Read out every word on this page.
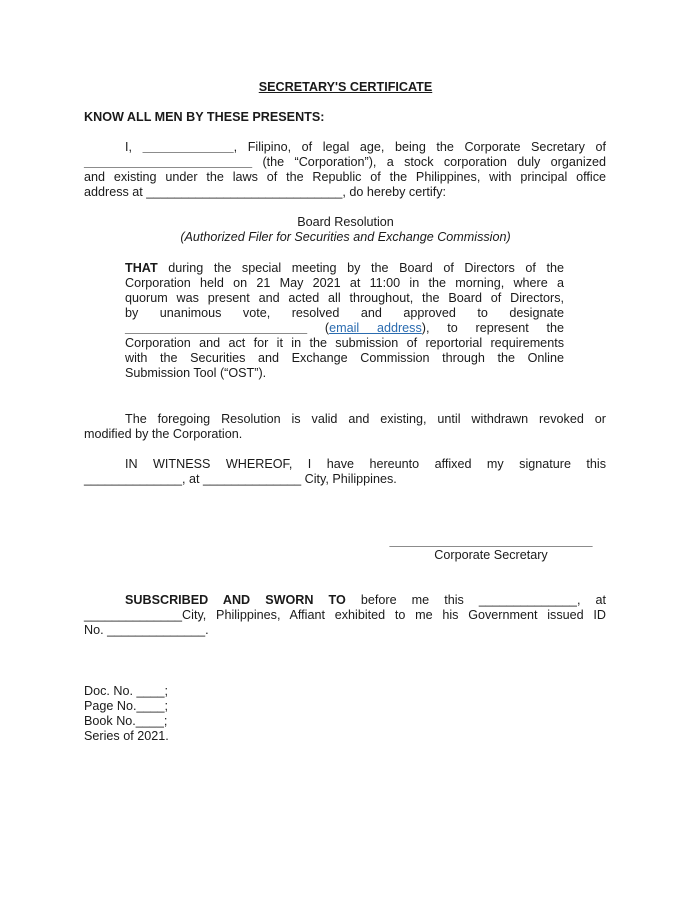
SECRETARY'S CERTIFICATE
KNOW ALL MEN BY THESE PRESENTS:
I, _____________, Filipino, of legal age, being the Corporate Secretary of
________________________ (the “Corporation”), a stock corporation duly organized
and existing under the laws of the Republic of the Philippines, with principal office
address at ____________________________, do hereby certify:
Board Resolution
(Authorized Filer for Securities and Exchange Commission)
THAT during the special meeting by the Board of Directors of the
Corporation held on 21 May 2021 at 11:00 in the morning, where a
quorum was present and acted all throughout, the Board of Directors,
by unanimous vote, resolved and approved to designate
__________________________ (email address), to represent the
Corporation and act for it in the submission of reportorial requirements
with the Securities and Exchange Commission through the Online
Submission Tool (“OST”).
The foregoing Resolution is valid and existing, until withdrawn revoked or
modified by the Corporation.
IN WITNESS WHEREOF, I have hereunto affixed my signature this
______________, at ______________ City, Philippines.
_____________________________
Corporate Secretary
SUBSCRIBED AND SWORN TO before me this ______________, at
______________City, Philippines, Affiant exhibited to me his Government issued ID
No. ______________.
Doc. No. ____;
Page No.____;
Book No.____;
Series of 2021.
